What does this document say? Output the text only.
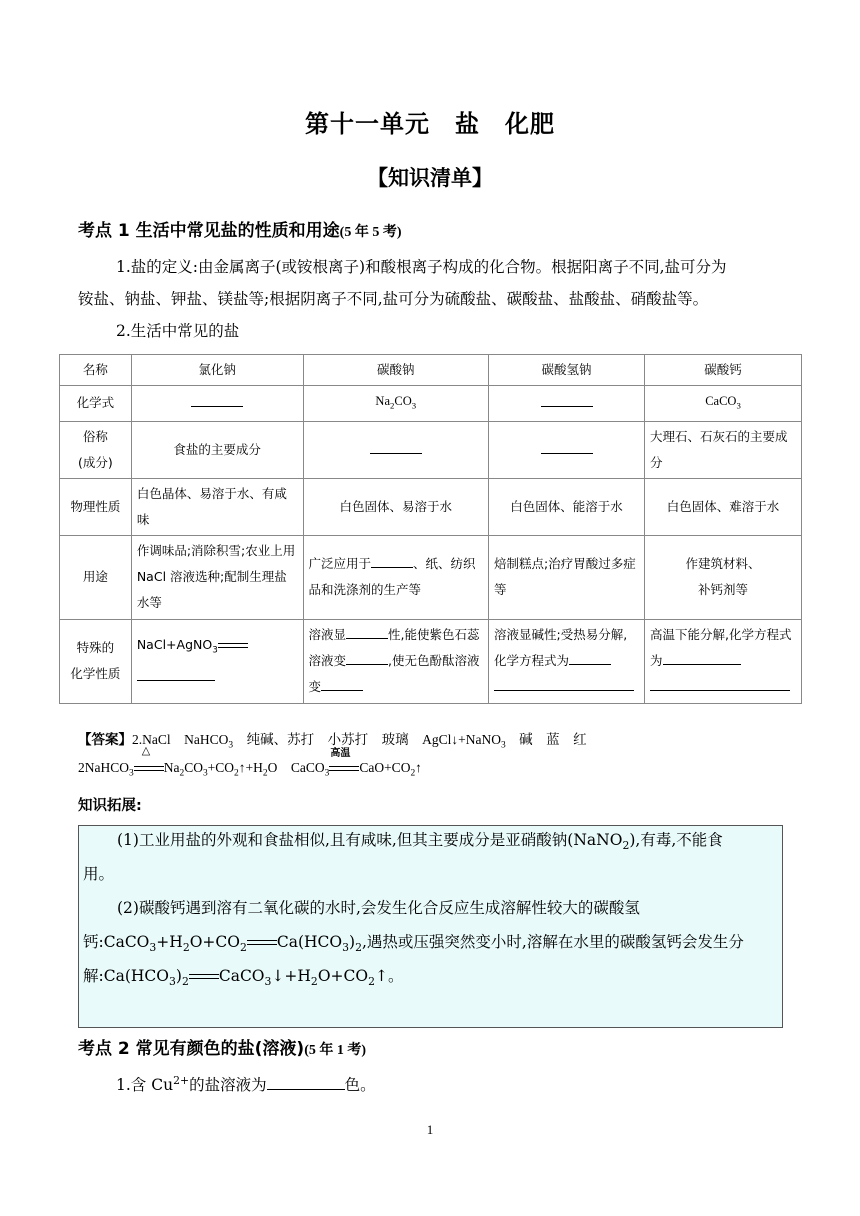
第十一单元　盐　化肥
【知识清单】
考点 1 生活中常见盐的性质和用途(5 年 5 考)
1.盐的定义:由金属离子(或铵根离子)和酸根离子构成的化合物。根据阳离子不同,盐可分为
铵盐、钠盐、钾盐、镁盐等;根据阴离子不同,盐可分为硫酸盐、碳酸盐、盐酸盐、硝酸盐等。
2.生活中常见的盐
名称	氯化钠	碳酸钠	碳酸氢钠	碳酸钙
化学式		$Na_2CO_3$		CaCO$_3$

俗称
(成分)	食盐的主要成分			大理石、石灰石的主要成分
物理性质	白色晶体、易溶于水、有咸味	白色固体、易溶于水	白色固体、能溶于水	白色固体、难溶于水
用途	作调味品;消除积雪;农业上用 NaCl 溶液选种;配制生理盐水等	广泛应用于 、纸、纺织品和洗涤剂的生产等	焙制糕点;治疗胃酸过多症等	作建筑材料、
补钙剂等

特殊的
化学性质	NaCl+AgNO$_3$	溶液显 性,能使紫色石蕊溶液变 ,使无色酚酞溶液变	溶液显碱性;受热易分解,化学方程式为	高温下能分解,化学方程式为

【答案】2.NaCl　NaHCO$_3$　纯碱、苏打　小苏打　玻璃　AgCl↓+NaNO$_3$　碱　蓝　红
2NaHCO$_3$
△
$Na_2CO_3+CO_2↑+H_2O$　CaCO$_3$
高温
$CaO+CO_2↑$
知识拓展:
(1)工业用盐的外观和食盐相似,且有咸味,但其主要成分是亚硝酸钠(NaNO$_2$),有毒,不能食
用。
(2)碳酸钙遇到溶有二氧化碳的水时,会发生化合反应生成溶解性较大的碳酸氢
钙$:CaCO_3+H_2O+CO_2$ $Ca(HCO_3)_2$,遇热或压强突然变小时,溶解在水里的碳酸氢钙会发生分
解$:Ca(HCO_3)_2$ $CaCO_3↓+H_2O+CO_2↑$。
考点 2 常见有颜色的盐(溶液)(5 年 1 考)
1.含 $Cu^{2+}$的盐溶液为	色。
1
